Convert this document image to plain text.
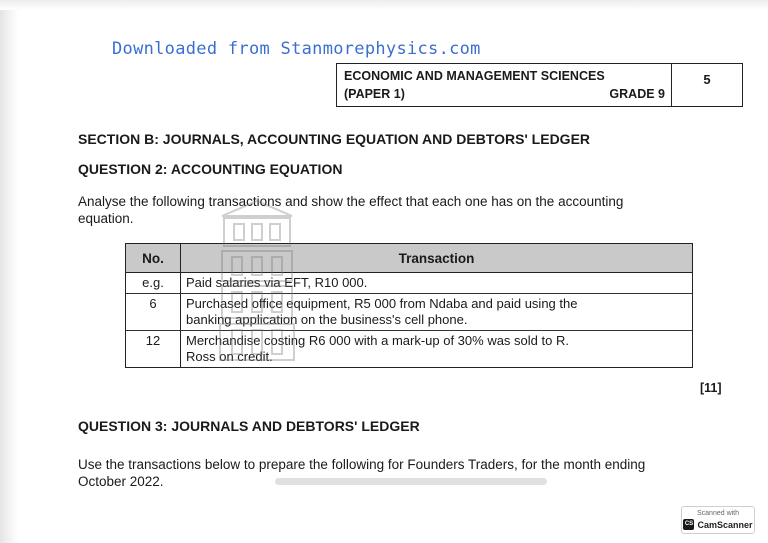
Downloaded from Stanmorephysics.com
ECONOMIC AND MANAGEMENT SCIENCES
(PAPER 1)	GRADE 9
5
SECTION B: JOURNALS, ACCOUNTING EQUATION AND DEBTORS' LEDGER
QUESTION 2: ACCOUNTING EQUATION
Analyse the following transactions and show the effect that each one has on the accounting equation.
No.	Transaction
e.g.	Paid salaries via EFT, R10 000.
6	Purchased office equipment, R5 000 from Ndaba and paid using the
banking application on the business's cell phone.

12	Merchandise costing R6 000 with a mark-up of 30% was sold to R.
Ross on credit.
[11]
QUESTION 3: JOURNALS AND DEBTORS' LEDGER
Use the transactions below to prepare the following for Founders Traders, for the month ending October 2022.
Scanned with
CS CamScanner
